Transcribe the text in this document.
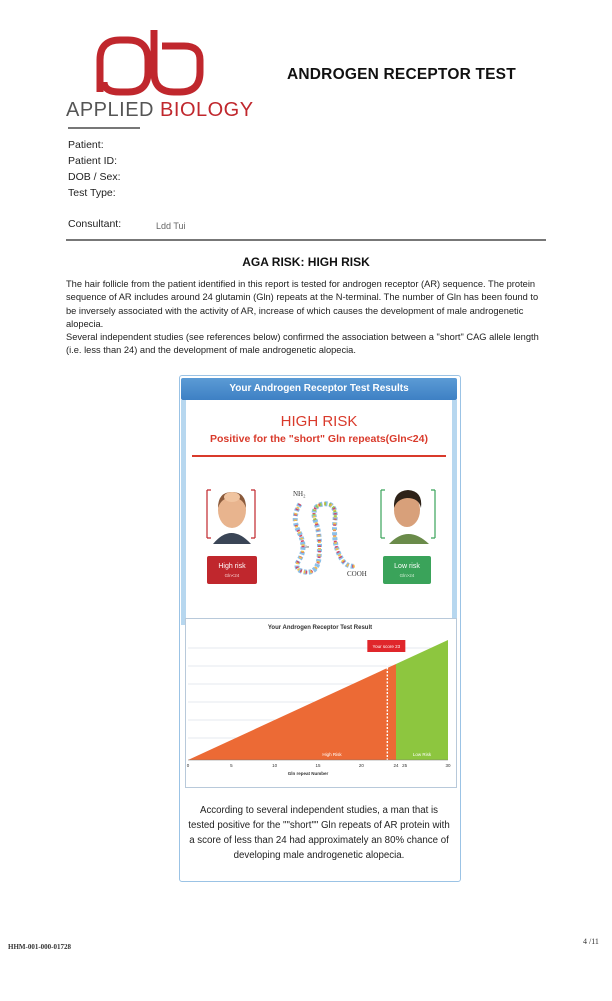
APPLIED BIOLOGY
ANDROGEN RECEPTOR TEST
Patient:
Patient ID:
DOB / Sex:
Test Type:
Consultant:	Ldd Tui
AGA RISK: HIGH RISK

The hair follicle from the patient identified in this report is tested for androgen receptor (AR) sequence. The protein sequence of AR includes around 24 glutamin (Gln) repeats at the N-terminal. The number of Gln has been found to be inversely associated with the activity of AR, increase of which causes the development of male androgenetic alopecia.

Several independent studies (see references below) confirmed the association between a "short" CAG allele length (i.e. less than 24) and the development of male androgenetic alopecia.

Your Androgen Receptor Test Results
HIGH RISK
Positive for the "short" Gln repeats(Gln<24)
High risk
Gln<24
NH₂
Gln
COOH
Low risk
Gln>24
Your Androgen Receptor Test Result
High Risk	Low Risk
Your score 23
0	5	10	15	20	24 25	30
Gln repeat Number
According to several independent studies, a man that is tested positive for the ""short"" Gln repeats of AR protein with a score of less than 24 had approximately an 80% chance of developing male androgenetic alopecia.
HHM-001-000-01728
4 /11
